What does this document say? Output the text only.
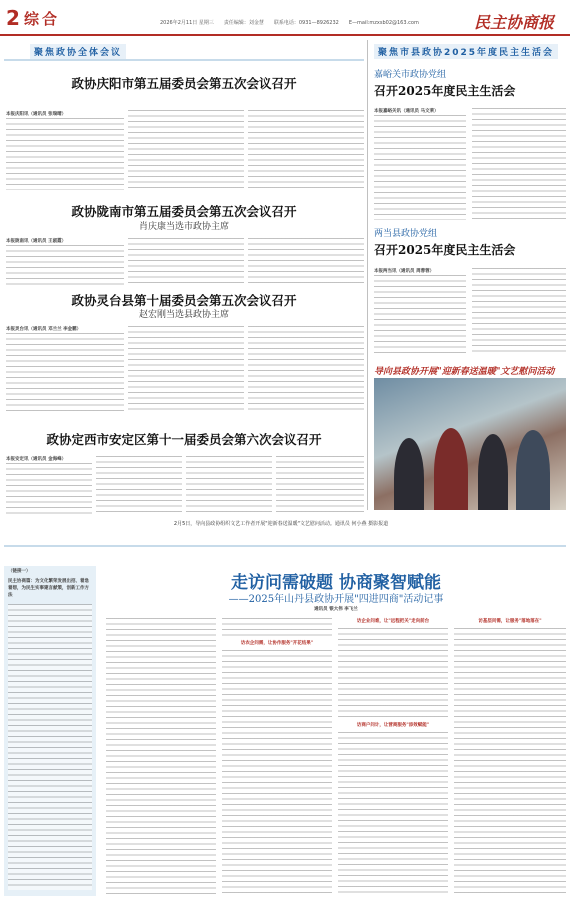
2 综合	2026年2月11日 星期三　　责任编辑：刘金慧　　联系电话：0931—8926232　　E—mail:mzxsb02@163.com	民主协商报
聚焦政协全体会议
政协庆阳市第五届委员会第五次会议召开
本报庆阳讯（通讯员 张瑞晴）
政协陇南市第五届委员会第五次会议召开
肖庆康当选市政协主席
本报陇南讯（通讯员 王淑霞）
政协灵台县第十届委员会第五次会议召开
赵宏刚当选县政协主席
本报灵台讯（通讯员 邓兰兰 李金鹏）
政协定西市安定区第十一届委员会第六次会议召开
本报安定讯（通讯员 金海峰）
聚焦市县政协2025年度民主生活会
嘉峪关市政协党组
召开2025年度民主生活会
本报嘉峪关讯（通讯员 马文莱）
两当县政协党组
召开2025年度民主生活会
本报两当讯（通讯员 周蓉蓉）
导向县政协开展"迎新春送温暖"文艺慰问活动
2月5日，导向县政协组织文艺工作者开展"迎新春送温暖"文艺慰问活动。通讯员 何小燕 摄影报道
（链接一）
民主协商篇：为文化繁荣发展出招、着急着想，为民生实事建言献策，创新工作方法
走访问需破题 协商聚智赋能
——2025年山丹县政协开展"四进四商"活动记事
通讯员 银大伟 李飞兰
访农企问需，让协作服务"开花结果"
访企业问难，让"远程把关"走向前台
访商户问计，让营商服务"添效赋能"
访基层问需，让服务"落地落在"
